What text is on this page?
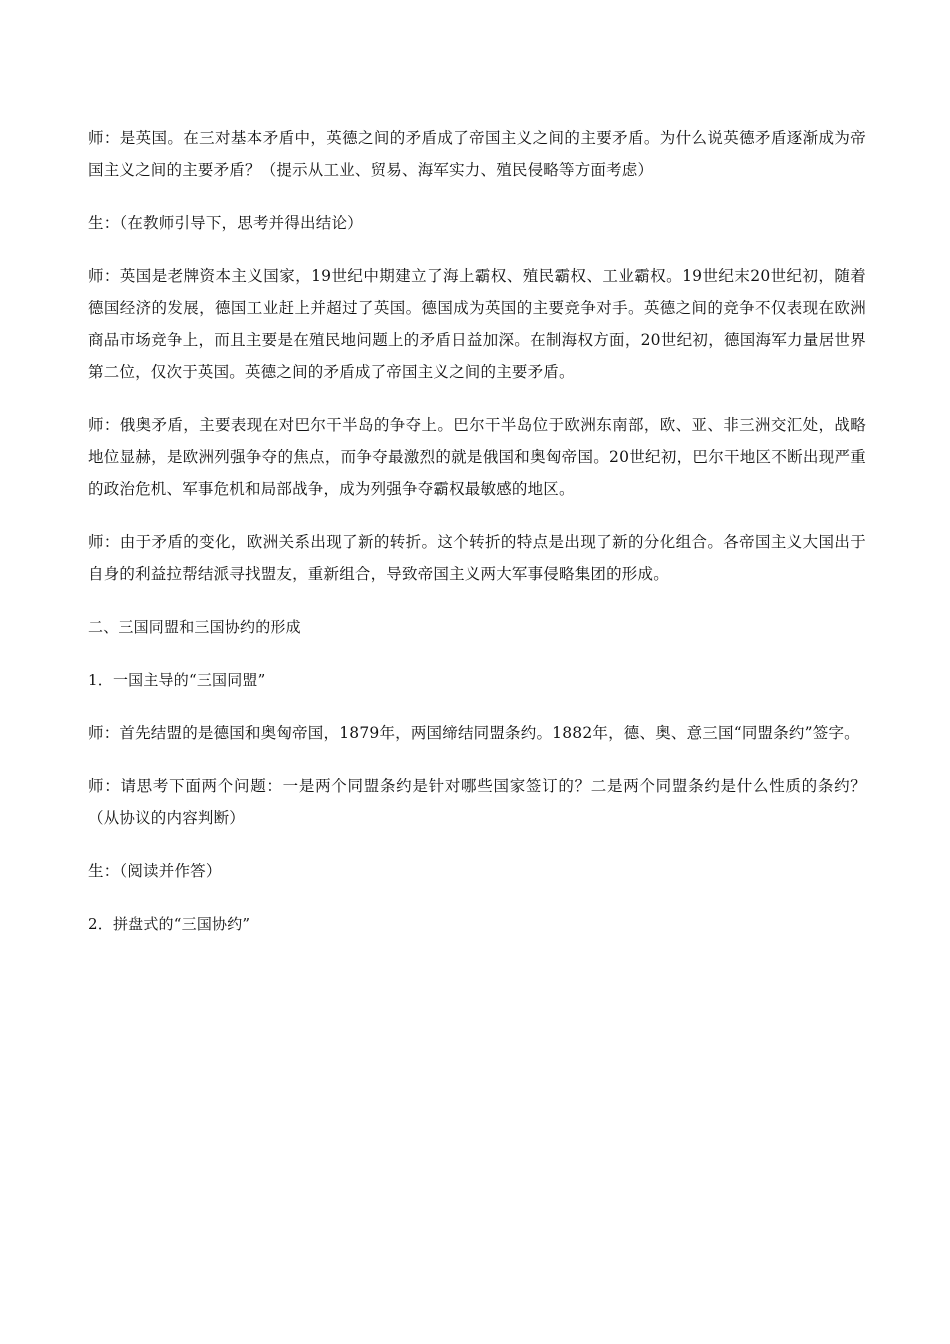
师：是英国。在三对基本矛盾中，英德之间的矛盾成了帝国主义之间的主要矛盾。为什么说英德矛盾逐渐成为帝国主义之间的主要矛盾？（提示从工业、贸易、海军实力、殖民侵略等方面考虑）

生：（在教师引导下，思考并得出结论）

师：英国是老牌资本主义国家，19世纪中期建立了海上霸权、殖民霸权、工业霸权。19世纪末20世纪初，随着德国经济的发展，德国工业赶上并超过了英国。德国成为英国的主要竞争对手。英德之间的竞争不仅表现在欧洲商品市场竞争上，而且主要是在殖民地问题上的矛盾日益加深。在制海权方面，20世纪初，德国海军力量居世界第二位，仅次于英国。英德之间的矛盾成了帝国主义之间的主要矛盾。

师：俄奥矛盾，主要表现在对巴尔干半岛的争夺上。巴尔干半岛位于欧洲东南部，欧、亚、非三洲交汇处，战略地位显赫，是欧洲列强争夺的焦点，而争夺最激烈的就是俄国和奥匈帝国。20世纪初，巴尔干地区不断出现严重的政治危机、军事危机和局部战争，成为列强争夺霸权最敏感的地区。

师：由于矛盾的变化，欧洲关系出现了新的转折。这个转折的特点是出现了新的分化组合。各帝国主义大国出于自身的利益拉帮结派寻找盟友，重新组合，导致帝国主义两大军事侵略集团的形成。

二、三国同盟和三国协约的形成

1．一国主导的“三国同盟”

师：首先结盟的是德国和奥匈帝国，1879年，两国缔结同盟条约。1882年，德、奥、意三国“同盟条约”签字。

师：请思考下面两个问题：一是两个同盟条约是针对哪些国家签订的？二是两个同盟条约是什么性质的条约？（从协议的内容判断）

生：（阅读并作答）

2．拼盘式的“三国协约”
